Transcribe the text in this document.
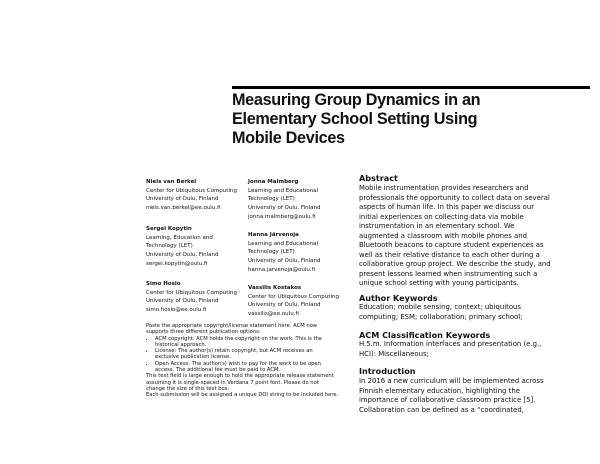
Measuring Group Dynamics in an
Elementary School Setting Using
Mobile Devices
Niels van Berkel
Center for Ubiquitous Computing
University of Oulu, Finland
niels.van.berkel@ee.oulu.fi
Sergei Kopytin
Learning, Education and
Technology (LET)
University of Oulu, Finland
sergei.kopytin@oulu.fi
Simo Hosio
Center for Ubiquitous Computing
University of Oulu, Finland
simo.hosio@ee.oulu.fi
Jonna Malmberg
Learning and Educational
Technology (LET)
University of Oulu, Finland
jonna.malmberg@oulu.fi
Hanna Järvenoja
Learning and Educational
Technology (LET)
University of Oulu, Finland
hanna.jarvenoja@oulu.fi
Vassilis Kostakos
Center for Ubiquitous Computing
University of Oulu, Finland
vassilis@ee.oulu.fi
Paste the appropriate copyright/license statement here. ACM now
supports three different publication options:
• ACM copyright: ACM holds the copyright on the work. This is the
historical approach.
• License: The author(s) retain copyright, but ACM receives an
exclusive publication license.
• Open Access: The author(s) wish to pay for the work to be open
access. The additional fee must be paid to ACM.
This text field is large enough to hold the appropriate release statement
assuming it is single-spaced in Verdana 7 point font. Please do not
change the size of this text box.
Each submission will be assigned a unique DOI string to be included here.
Abstract
Mobile instrumentation provides researchers and
professionals the opportunity to collect data on several
aspects of human life. In this paper we discuss our
initial experiences on collecting data via mobile
instrumentation in an elementary school. We
augmented a classroom with mobile phones and
Bluetooth beacons to capture student experiences as
well as their relative distance to each other during a
collaborative group project. We describe the study, and
present lessons learned when instrumenting such a
unique school setting with young participants.
Author Keywords
Education; mobile sensing; context; ubiquitous
computing; ESM; collaboration; primary school;
ACM Classification Keywords
H.5.m. Information interfaces and presentation (e.g.,
HCI): Miscellaneous;
Introduction
In 2016 a new curriculum will be implemented across
Finnish elementary education, highlighting the
importance of collaborative classroom practice [5].
Collaboration can be defined as a “coordinated,
